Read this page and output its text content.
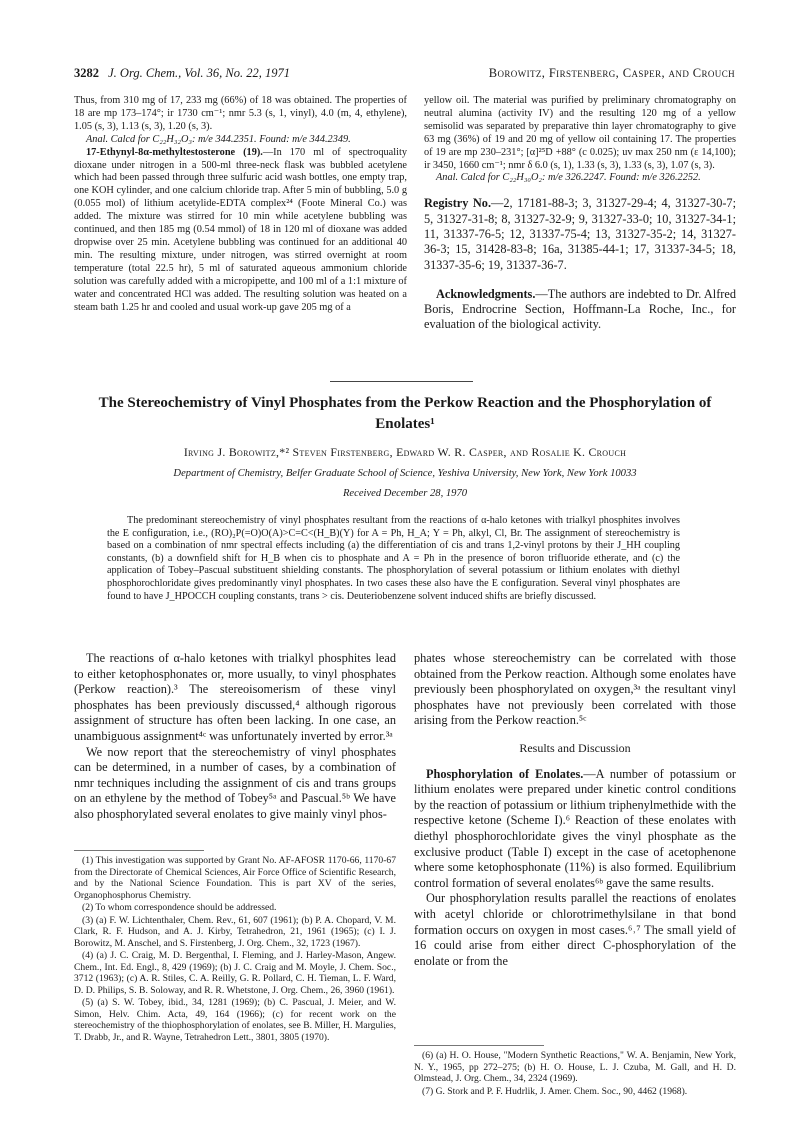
3282 J. Org. Chem., Vol. 36, No. 22, 1971	Borowitz, Firstenberg, Casper, and Crouch

Thus, from 310 mg of 17, 233 mg (66%) of 18 was obtained. The properties of 18 are mp 173–174°; ir 1730 cm⁻¹; nmr 5.3 (s, 1, vinyl), 4.0 (m, 4, ethylene), 1.05 (s, 3), 1.13 (s, 3), 1.20 (s, 3).

Anal. Calcd for C₂₂H₃₂O₃: m/e 344.2351. Found: m/e 344.2349.

17-Ethynyl-8α-methyltestosterone (19).—In 170 ml of spectroquality dioxane under nitrogen in a 500-ml three-neck flask was bubbled acetylene which had been passed through three sulfuric acid wash bottles, one empty trap, one KOH cylinder, and one calcium chloride trap. After 5 min of bubbling, 5.0 g (0.055 mol) of lithium acetylide-EDTA complex²⁴ (Foote Mineral Co.) was added. The mixture was stirred for 10 min while acetylene bubbling was continued, and then 185 mg (0.54 mmol) of 18 in 120 ml of dioxane was added dropwise over 25 min. Acetylene bubbling was continued for an additional 40 min. The resulting mixture, under nitrogen, was stirred overnight at room temperature (total 22.5 hr), 5 ml of saturated aqueous ammonium chloride solution was carefully added with a micropipette, and 100 ml of a 1:1 mixture of water and concentrated HCl was added. The resulting solution was heated on a steam bath 1.25 hr and cooled and usual work-up gave 205 mg of a

yellow oil. The material was purified by preliminary chromatography on neutral alumina (activity IV) and the resulting 120 mg of a yellow semisolid was separated by preparative thin layer chromatography to give 63 mg (36%) of 19 and 20 mg of yellow oil containing 17. The properties of 19 are mp 230–231°; [α]²⁵D +88° (c 0.025); uv max 250 nm (ε 14,100); ir 3450, 1660 cm⁻¹; nmr δ 6.0 (s, 1), 1.33 (s, 3), 1.33 (s, 3), 1.07 (s, 3).

Anal. Calcd for C₂₂H₃₀O₂: m/e 326.2247. Found: m/e 326.2252.

Registry No.—2, 17181-88-3; 3, 31327-29-4; 4, 31327-30-7; 5, 31327-31-8; 8, 31327-32-9; 9, 31327-33-0; 10, 31327-34-1; 11, 31337-76-5; 12, 31337-75-4; 13, 31327-35-2; 14, 31327-36-3; 15, 31428-83-8; 16a, 31385-44-1; 17, 31337-34-5; 18, 31337-35-6; 19, 31337-36-7.

Acknowledgments.—The authors are indebted to Dr. Alfred Boris, Endrocrine Section, Hoffmann-La Roche, Inc., for evaluation of the biological activity.

The Stereochemistry of Vinyl Phosphates from the Perkow Reaction and the Phosphorylation of Enolates¹
Irving J. Borowitz,*² Steven Firstenberg, Edward W. R. Casper, and Rosalie K. Crouch
Department of Chemistry, Belfer Graduate School of Science, Yeshiva University, New York, New York 10033
Received December 28, 1970
The predominant stereochemistry of vinyl phosphates resultant from the reactions of α-halo ketones with trialkyl phosphites involves the E configuration, i.e., (RO)₂P(=O)O(A)>C=C<(H_B)(Y) for A = Ph, H_A; Y = Ph, alkyl, Cl, Br. The assignment of stereochemistry is based on a combination of nmr spectral effects including (a) the differentiation of cis and trans 1,2-vinyl protons by their J_HH coupling constants, (b) a downfield shift for H_B when cis to phosphate and A = Ph in the presence of boron trifluoride etherate, and (c) the application of Tobey–Pascual substituent shielding constants. The phosphorylation of several potassium or lithium enolates with diethyl phosphorochloridate gives predominantly vinyl phosphates. In two cases these also have the E configuration. Several vinyl phosphates are found to have J_HPOCCH coupling constants, trans > cis. Deuteriobenzene solvent induced shifts are briefly discussed.

The reactions of α-halo ketones with trialkyl phosphites lead to either ketophosphonates or, more usually, to vinyl phosphates (Perkow reaction).³ The stereoisomerism of these vinyl phosphates has been previously discussed,⁴ although rigorous assignment of structure has often been lacking. In one case, an unambiguous assignment⁴ᶜ was unfortunately inverted by error.³ᵃ

We now report that the stereochemistry of vinyl phosphates can be determined, in a number of cases, by a combination of nmr techniques including the assignment of cis and trans groups on an ethylene by the method of Tobey⁵ᵃ and Pascual.⁵ᵇ We have also phosphorylated several enolates to give mainly vinyl phos-

(1) This investigation was supported by Grant No. AF-AFOSR 1170-66, 1170-67 from the Directorate of Chemical Sciences, Air Force Office of Scientific Research, and by the National Science Foundation. This is part XV of the series, Organophosphorus Chemistry.

(2) To whom correspondence should be addressed.

(3) (a) F. W. Lichtenthaler, Chem. Rev., 61, 607 (1961); (b) P. A. Chopard, V. M. Clark, R. F. Hudson, and A. J. Kirby, Tetrahedron, 21, 1961 (1965); (c) I. J. Borowitz, M. Anschel, and S. Firstenberg, J. Org. Chem., 32, 1723 (1967).

(4) (a) J. C. Craig, M. D. Bergenthal, I. Fleming, and J. Harley-Mason, Angew. Chem., Int. Ed. Engl., 8, 429 (1969); (b) J. C. Craig and M. Moyle, J. Chem. Soc., 3712 (1963); (c) A. R. Stiles, C. A. Reilly, G. R. Pollard, C. H. Tieman, L. F. Ward, D. D. Philips, S. B. Soloway, and R. R. Whetstone, J. Org. Chem., 26, 3960 (1961).

(5) (a) S. W. Tobey, ibid., 34, 1281 (1969); (b) C. Pascual, J. Meier, and W. Simon, Helv. Chim. Acta, 49, 164 (1966); (c) for recent work on the stereochemistry of the thiophosphorylation of enolates, see B. Miller, H. Margulies, T. Drabb, Jr., and R. Wayne, Tetrahedron Lett., 3801, 3805 (1970).

phates whose stereochemistry can be correlated with those obtained from the Perkow reaction. Although some enolates have previously been phosphorylated on oxygen,³ᵃ the resultant vinyl phosphates have not previously been correlated with those arising from the Perkow reaction.⁵ᶜ

Results and Discussion

Phosphorylation of Enolates.—A number of potassium or lithium enolates were prepared under kinetic control conditions by the reaction of potassium or lithium triphenylmethide with the respective ketone (Scheme I).⁶ Reaction of these enolates with diethyl phosphorochloridate gives the vinyl phosphate as the exclusive product (Table I) except in the case of acetophenone where some ketophosphonate (11%) is also formed. Equilibrium control formation of several enolates⁶ᵇ gave the same results.

Our phosphorylation results parallel the reactions of enolates with acetyl chloride or chlorotrimethylsilane in that bond formation occurs on oxygen in most cases.⁶˒⁷ The small yield of 16 could arise from either direct C-phosphorylation of the enolate or from the

(6) (a) H. O. House, "Modern Synthetic Reactions," W. A. Benjamin, New York, N. Y., 1965, pp 272–275; (b) H. O. House, L. J. Czuba, M. Gall, and H. D. Olmstead, J. Org. Chem., 34, 2324 (1969).

(7) G. Stork and P. F. Hudrlik, J. Amer. Chem. Soc., 90, 4462 (1968).
